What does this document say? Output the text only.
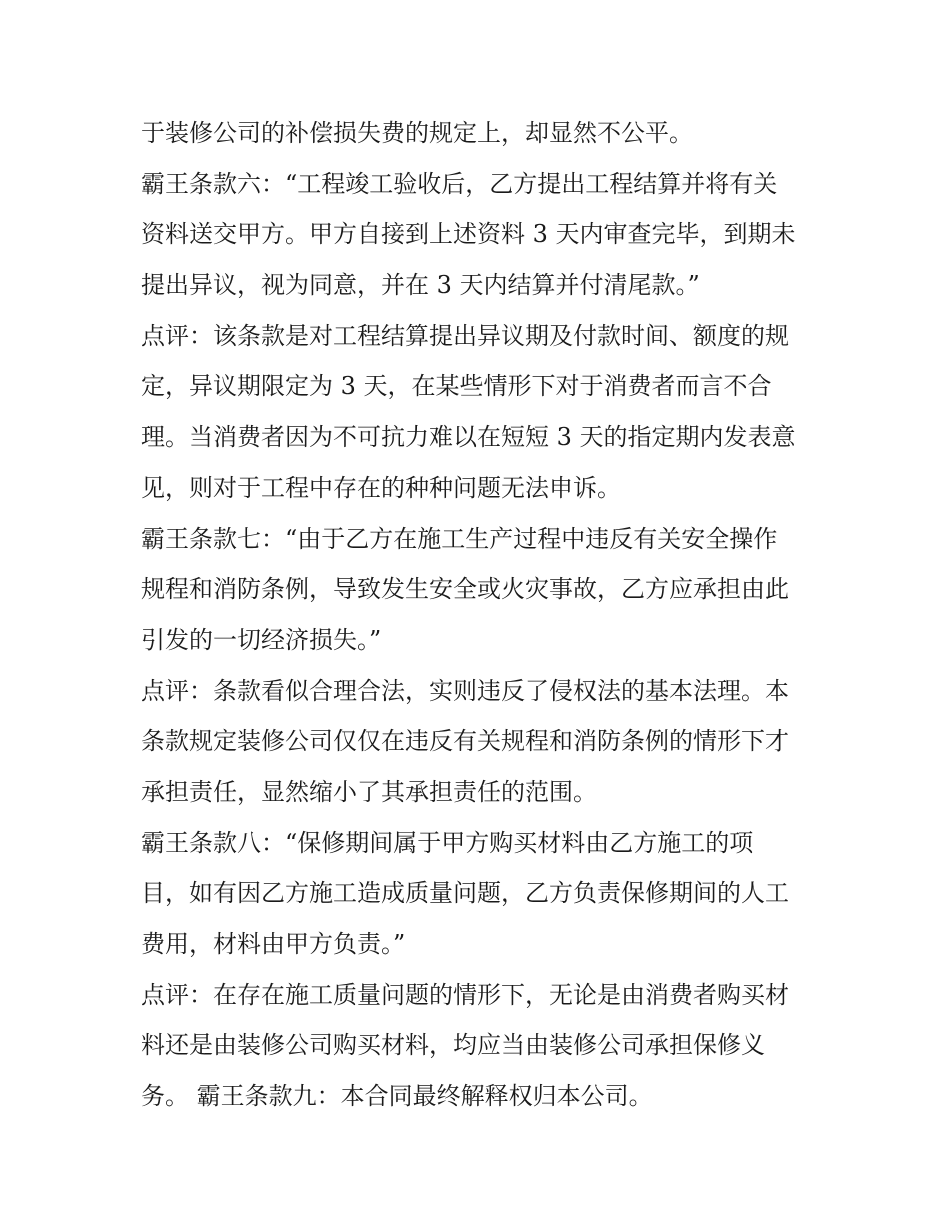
于装修公司的补偿损失费的规定上，却显然不公平。
霸王条款六：“工程竣工验收后，乙方提出工程结算并将有关
资料送交甲方。甲方自接到上述资料 3 天内审查完毕，到期未
提出异议，视为同意，并在 3 天内结算并付清尾款。”
点评：该条款是对工程结算提出异议期及付款时间、额度的规
定，异议期限定为 3 天，在某些情形下对于消费者而言不合
理。当消费者因为不可抗力难以在短短 3 天的指定期内发表意
见，则对于工程中存在的种种问题无法申诉。
霸王条款七：“由于乙方在施工生产过程中违反有关安全操作
规程和消防条例，导致发生安全或火灾事故，乙方应承担由此
引发的一切经济损失。”
点评：条款看似合理合法，实则违反了侵权法的基本法理。本
条款规定装修公司仅仅在违反有关规程和消防条例的情形下才
承担责任，显然缩小了其承担责任的范围。
霸王条款八：“保修期间属于甲方购买材料由乙方施工的项
目，如有因乙方施工造成质量问题，乙方负责保修期间的人工
费用，材料由甲方负责。”
点评：在存在施工质量问题的情形下，无论是由消费者购买材
料还是由装修公司购买材料，均应当由装修公司承担保修义
务。 霸王条款九：本合同最终解释权归本公司。
